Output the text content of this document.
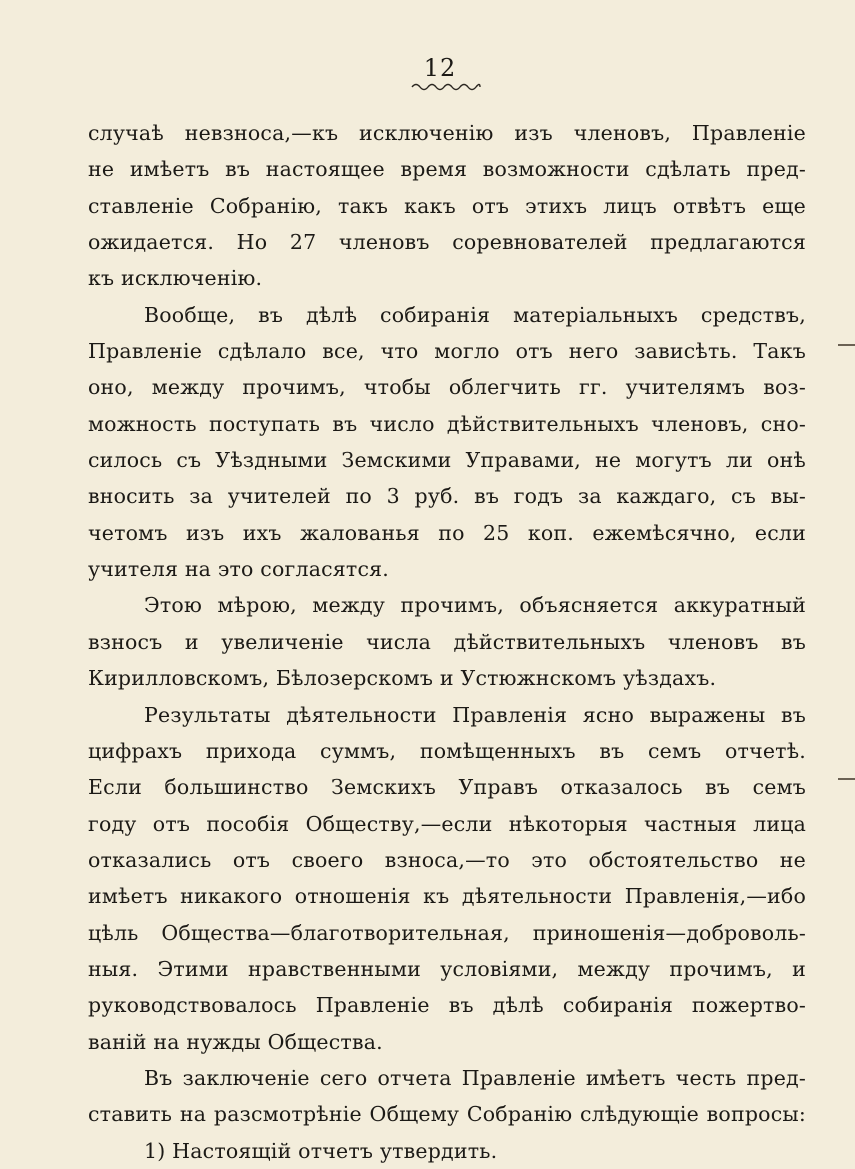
12
случаѣ невзноса,—къ исключенію изъ членовъ, Правленіе
не имѣетъ въ настоящее время возможности сдѣлать пред-
ставленіе Собранію, такъ какъ отъ этихъ лицъ отвѣтъ еще
ожидается. Но 27 членовъ соревнователей предлагаются
къ исключенію.
Вообще, въ дѣлѣ собиранія матеріальныхъ средствъ,
Правленіе сдѣлало все, что могло отъ него зависѣть. Такъ
оно, между прочимъ, чтобы облегчить гг. учителямъ воз-
можность поступать въ число дѣйствительныхъ членовъ, сно-
силось съ Уѣздными Земскими Управами, не могутъ ли онѣ
вносить за учителей по 3 руб. въ годъ за каждаго, съ вы-
четомъ изъ ихъ жалованья по 25 коп. ежемѣсячно, если
учителя на это согласятся.
Этою мѣрою, между прочимъ, объясняется аккуратный
взносъ и увеличеніе числа дѣйствительныхъ членовъ въ
Кирилловскомъ, Бѣлозерскомъ и Устюжнскомъ уѣздахъ.
Результаты дѣятельности Правленія ясно выражены въ
цифрахъ прихода суммъ, помѣщенныхъ въ семъ отчетѣ.
Если большинство Земскихъ Управъ отказалось въ семъ
году отъ пособія Обществу,—если нѣкоторыя частныя лица
отказались отъ своего взноса,—то это обстоятельство не
имѣетъ никакого отношенія къ дѣятельности Правленія,—ибо
цѣль Общества—благотворительная, приношенія—доброволь-
ныя. Этими нравственными условіями, между прочимъ, и
руководствовалось Правленіе въ дѣлѣ собиранія пожертво-
ваній на нужды Общества.
Въ заключеніе сего отчета Правленіе имѣетъ честь пред-
ставить на разсмотрѣніе Общему Собранію слѣдующіе вопросы:
1) Настоящій отчетъ утвердить.
